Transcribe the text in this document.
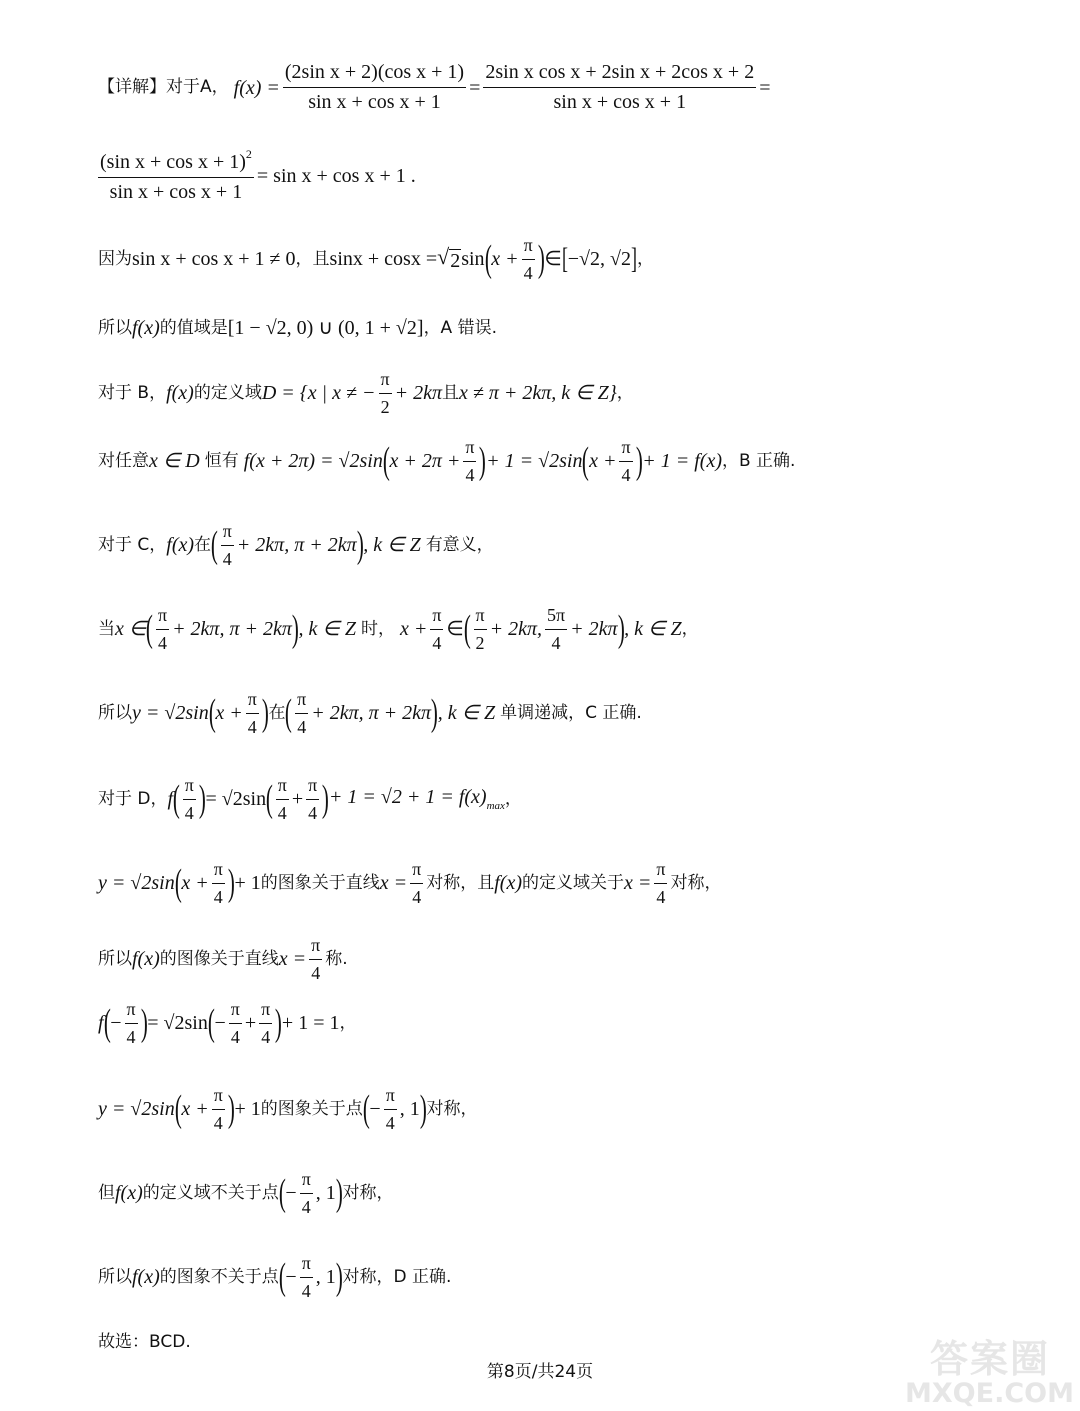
【详解】对于A， $f(x) = \frac{\text{(2sin x + 2)(cos x + 1)}}{\text{sin x + cos x + 1}} = \frac{\text{2sin x cos x + 2sin x + 2cos x + 2}}{\text{sin x + cos x + 1}}$ =
$\frac{(\sin x + \cos x + 1)^2}{\text{sin x + cos x + 1}} = \sin x + \cos x + 1$ .
因为 sin x + cos x + 1 ≠ 0 ，且 sinx + cosx = √ 2 sin ( $x + \frac{\pi}{4}$ ) ∈ [ −√2, √2 ] ，
所以 f(x) 的值域是 [1 − √2, 0) ∪ (0, 1 + √2] ，A 错误.
对于 B， f(x) 的定义域 D = {x | x ≠ − $\frac{\pi}{2} + 2k\pi$ 且 x ≠ π + 2kπ, k ∈ Z} ，
对任意 x ∈ D 恒有 f(x + 2π) = √2sin ( $x + 2\pi + \frac{\pi}{4}$ ) + 1 = √2sin ( $x + \frac{\pi}{4}$ ) + 1 = f(x) ，B 正确.
对于 C， f(x) 在 ( $\frac{\pi}{4} + 2k\pi$, π + 2kπ ) , k ∈ Z 有意义，
当 x ∈ ( $\frac{\pi}{4} + 2k\pi$, π + 2kπ ) , k ∈ Z 时， $x + \frac{\pi}{4}$ ∈ ( $\frac{\pi}{2} + 2k\pi$, $\frac{5\pi}{4} + 2k\pi$ ) , k ∈ Z ，
所以 y = √2sin ( $x + \frac{\pi}{4}$ ) 在 ( $\frac{\pi}{4} + 2k\pi$, π + 2kπ ) , k ∈ Z 单调递减，C 正确.
对于 D， f ( $\frac{\pi}{4}$ ) = √2sin ( $\frac{\pi}{4} + \frac{\pi}{4}$ ) + $1 = √2 + 1 = f(x)_{max}$ ，
y = √2sin ( $x + \frac{\pi}{4}$ ) + 1 的图象关于直线 $x = \frac{\pi}{4}$ 对称，且 f(x) 的定义域关于 $x = \frac{\pi}{4}$ 对称，
所以 f(x) 的图像关于直线 $x = \frac{\pi}{4}$ 称.
f ( − $\frac{\pi}{4}$ ) = √2sin ( − $\frac{\pi}{4} + \frac{\pi}{4}$ ) + 1 = 1 ，
y = √2sin ( $x + \frac{\pi}{4}$ ) + 1 的图象关于点 ( − $\frac{\pi}{4}$ , 1 ) 对称，
但 f(x) 的定义域不关于点 ( − $\frac{\pi}{4}$ , 1 ) 对称，
所以 f(x) 的图象不关于点 ( − $\frac{\pi}{4}$ , 1 ) 对称，D 正确.
故选：BCD.
第8页/共24页	答案圈
MXQE.COM
